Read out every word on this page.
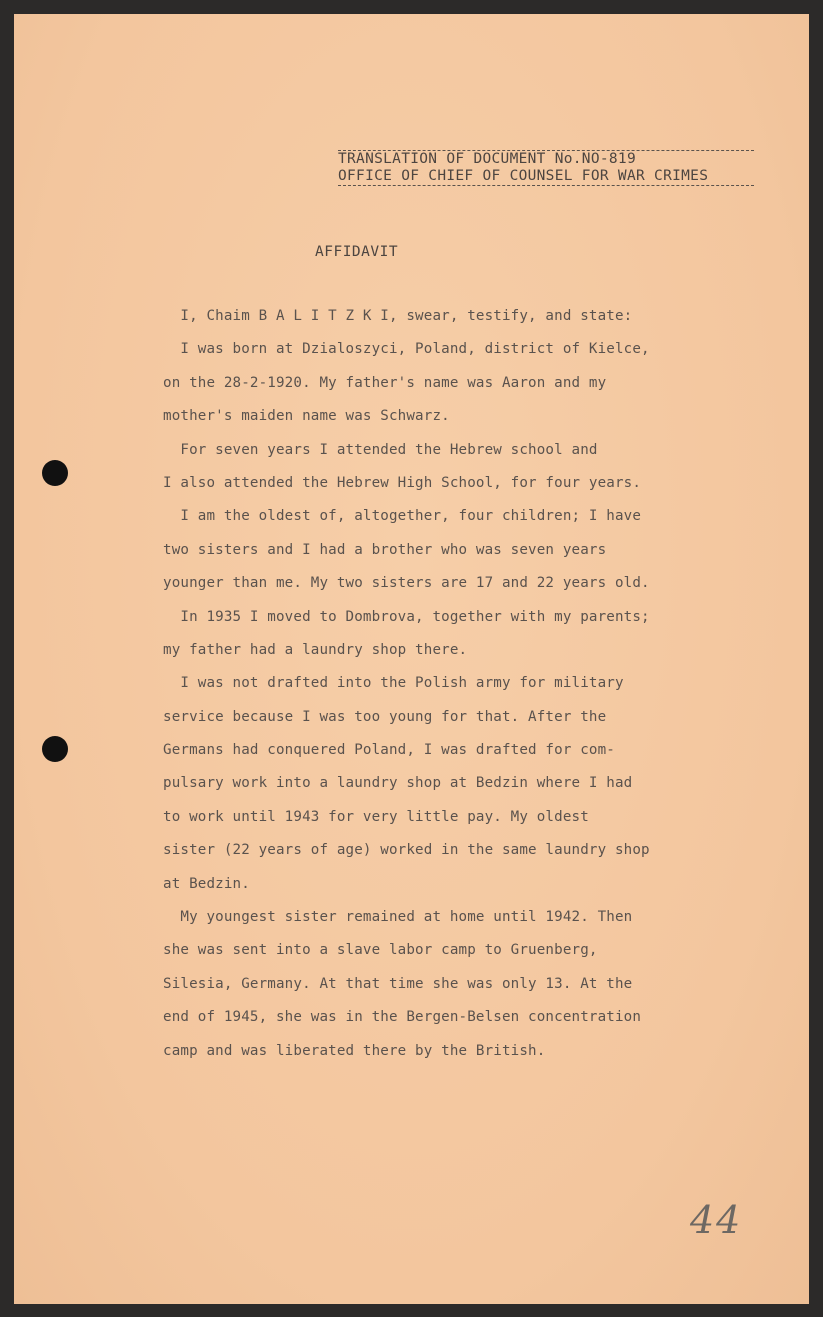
TRANSLATION OF DOCUMENT No.NO-819
OFFICE OF CHIEF OF COUNSEL FOR WAR CRIMES
AFFIDAVIT
I, Chaim B A L I T Z K I, swear, testify, and state:
I was born at Dzialoszyci, Poland, district of Kielce,
on the 28-2-1920. My father's name was Aaron and my
mother's maiden name was Schwarz.
For seven years I attended the Hebrew school and
I also attended the Hebrew High School, for four years.
I am the oldest of, altogether, four children; I have
two sisters and I had a brother who was seven years
younger than me. My two sisters are 17 and 22 years old.
In 1935 I moved to Dombrova, together with my parents;
my father had a laundry shop there.
I was not drafted into the Polish army for military
service because I was too young for that. After the
Germans had conquered Poland, I was drafted for com-
pulsary work into a laundry shop at Bedzin where I had
to work until 1943 for very little pay. My oldest
sister (22 years of age) worked in the same laundry shop
at Bedzin.
My youngest sister remained at home until 1942. Then
she was sent into a slave labor camp to Gruenberg,
Silesia, Germany. At that time she was only 13. At the
end of 1945, she was in the Bergen-Belsen concentration
camp and was liberated there by the British.
44
